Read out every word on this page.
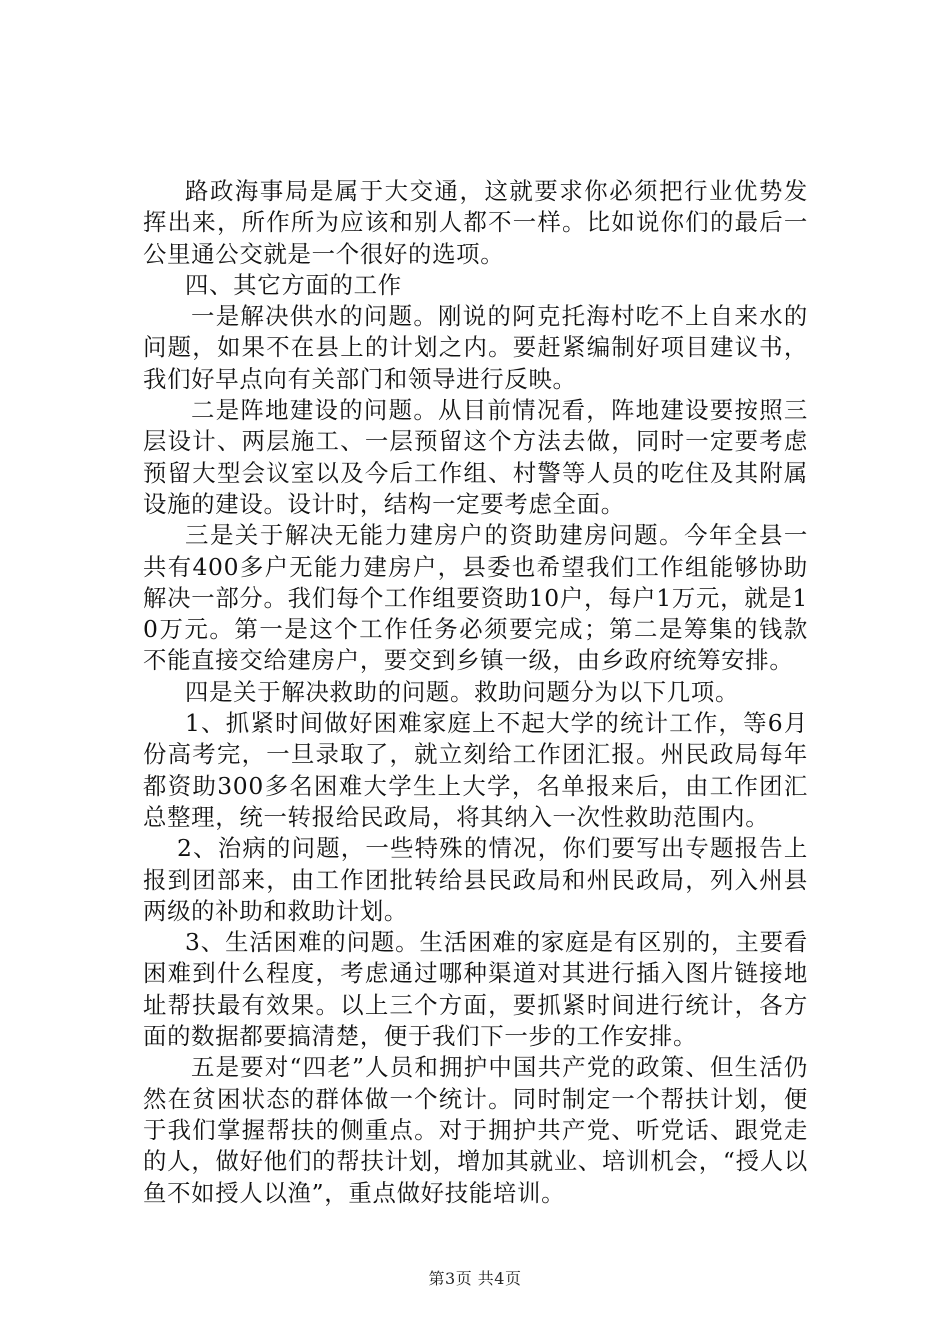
路政海事局是属于大交通，这就要求你必须把行业优势发挥出来，所作所为应该和别人都不一样。比如说你们的最后一公里通公交就是一个很好的选项。

四、其它方面的工作

一是解决供水的问题。刚说的阿克托海村吃不上自来水的问题，如果不在县上的计划之内。要赶紧编制好项目建议书，我们好早点向有关部门和领导进行反映。

二是阵地建设的问题。从目前情况看，阵地建设要按照三层设计、两层施工、一层预留这个方法去做，同时一定要考虑预留大型会议室以及今后工作组、村警等人员的吃住及其附属设施的建设。设计时，结构一定要考虑全面。

三是关于解决无能力建房户的资助建房问题。今年全县一共有400多户无能力建房户，县委也希望我们工作组能够协助解决一部分。我们每个工作组要资助10户，每户1万元，就是10万元。第一是这个工作任务必须要完成；第二是筹集的钱款不能直接交给建房户，要交到乡镇一级，由乡政府统筹安排。

四是关于解决救助的问题。救助问题分为以下几项。

1、抓紧时间做好困难家庭上不起大学的统计工作，等6月份高考完，一旦录取了，就立刻给工作团汇报。州民政局每年都资助300多名困难大学生上大学，名单报来后，由工作团汇总整理，统一转报给民政局，将其纳入一次性救助范围内。

2、治病的问题，一些特殊的情况，你们要写出专题报告上报到团部来，由工作团批转给县民政局和州民政局，列入州县两级的补助和救助计划。

3、生活困难的问题。生活困难的家庭是有区别的，主要看困难到什么程度，考虑通过哪种渠道对其进行插入图片链接地址帮扶最有效果。以上三个方面，要抓紧时间进行统计，各方面的数据都要搞清楚，便于我们下一步的工作安排。

五是要对“四老”人员和拥护中国共产党的政策、但生活仍然在贫困状态的群体做一个统计。同时制定一个帮扶计划，便于我们掌握帮扶的侧重点。对于拥护共产党、听党话、跟党走的人，做好他们的帮扶计划，增加其就业、培训机会，“授人以鱼不如授人以渔”，重点做好技能培训。

第3页 共4页
